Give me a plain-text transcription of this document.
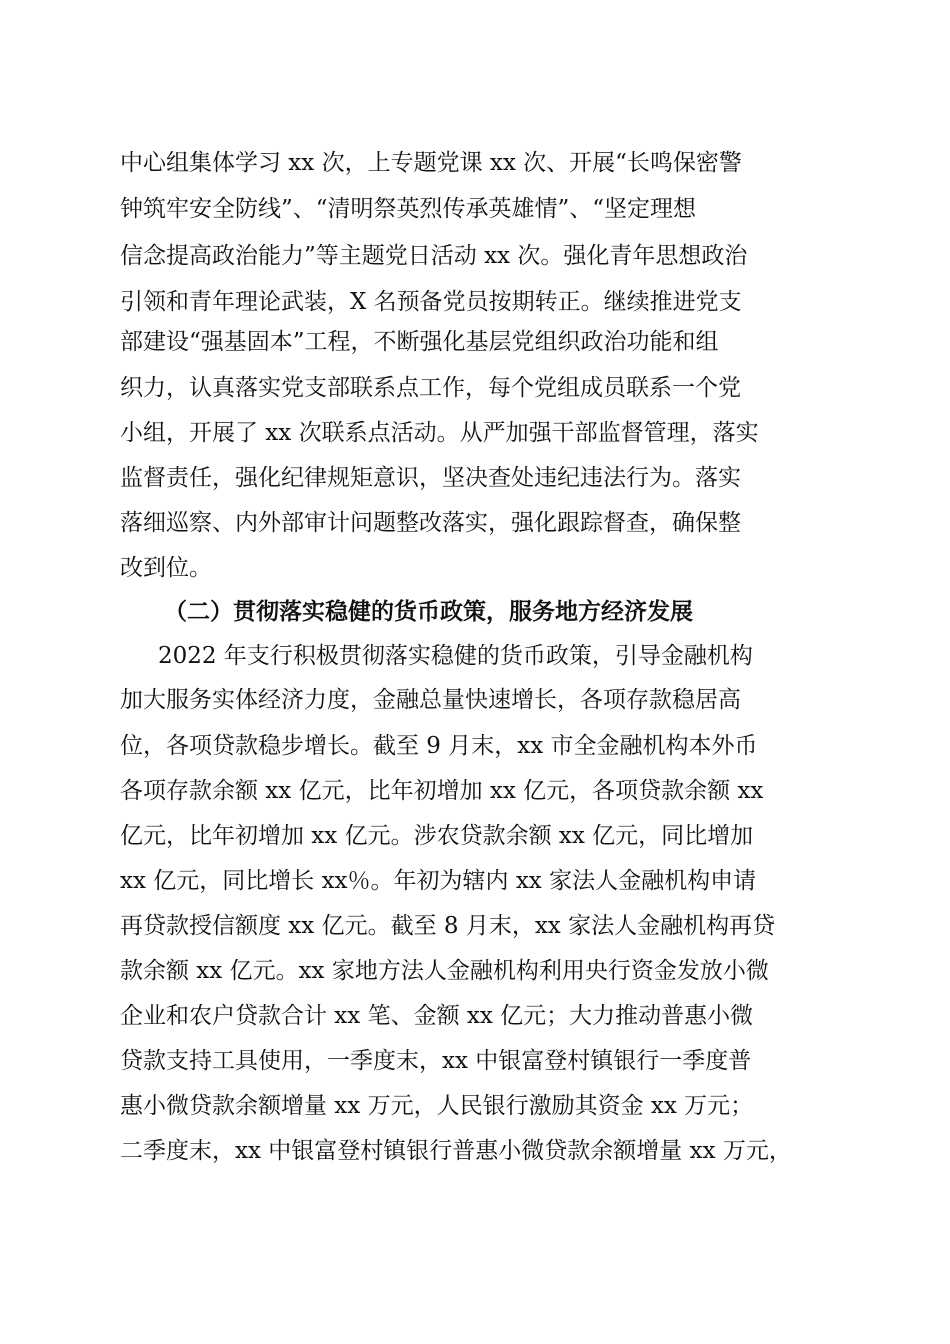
中心组集体学习 xx 次，上专题党课 xx 次、开展“长鸣保密警
钟筑牢安全防线”、“清明祭英烈传承英雄情”、“坚定理想
信念提高政治能力”等主题党日活动 xx 次。强化青年思想政治
引领和青年理论武装，X 名预备党员按期转正。继续推进党支
部建设“强基固本”工程，不断强化基层党组织政治功能和组
织力，认真落实党支部联系点工作，每个党组成员联系一个党
小组，开展了 xx 次联系点活动。从严加强干部监督管理，落实
监督责任，强化纪律规矩意识，坚决查处违纪违法行为。落实
落细巡察、内外部审计问题整改落实，强化跟踪督查，确保整
改到位。
（二）贯彻落实稳健的货币政策，服务地方经济发展
2022 年支行积极贯彻落实稳健的货币政策，引导金融机构
加大服务实体经济力度，金融总量快速增长，各项存款稳居高
位，各项贷款稳步增长。截至 9 月末，xx 市全金融机构本外币
各项存款余额 xx 亿元，比年初增加 xx 亿元，各项贷款余额 xx
亿元，比年初增加 xx 亿元。涉农贷款余额 xx 亿元，同比增加
xx 亿元，同比增长 xx％。年初为辖内 xx 家法人金融机构申请
再贷款授信额度 xx 亿元。截至 8 月末，xx 家法人金融机构再贷
款余额 xx 亿元。xx 家地方法人金融机构利用央行资金发放小微
企业和农户贷款合计 xx 笔、金额 xx 亿元；大力推动普惠小微
贷款支持工具使用，一季度末，xx 中银富登村镇银行一季度普
惠小微贷款余额增量 xx 万元，人民银行激励其资金 xx 万元；
二季度末，xx 中银富登村镇银行普惠小微贷款余额增量 xx 万元，
